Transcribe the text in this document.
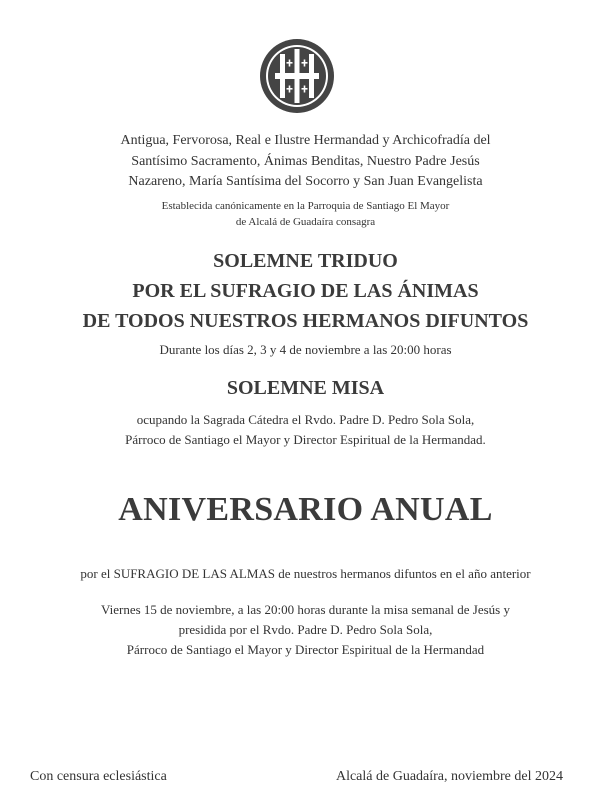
Antigua, Fervorosa, Real e Ilustre Hermandad y Archicofradía del
Santísimo Sacramento, Ánimas Benditas, Nuestro Padre Jesús
Nazareno, María Santísima del Socorro y San Juan Evangelista
Establecida canónicamente en la Parroquia de Santiago El Mayor
de Alcalá de Guadaíra consagra
SOLEMNE TRIDUO
POR EL SUFRAGIO DE LAS ÁNIMAS
DE TODOS NUESTROS HERMANOS DIFUNTOS
Durante los días 2, 3 y 4 de noviembre a las 20:00 horas
SOLEMNE MISA
ocupando la Sagrada Cátedra el Rvdo. Padre D. Pedro Sola Sola,
Párroco de Santiago el Mayor y Director Espiritual de la Hermandad.
ANIVERSARIO ANUAL
por el SUFRAGIO DE LAS ALMAS de nuestros hermanos difuntos en el año anterior
Viernes 15 de noviembre, a las 20:00 horas durante la misa semanal de Jesús y
presidida por el Rvdo. Padre D. Pedro Sola Sola,
Párroco de Santiago el Mayor y Director Espiritual de la Hermandad
Con censura eclesiástica	Alcalá de Guadaíra, noviembre del 2024
